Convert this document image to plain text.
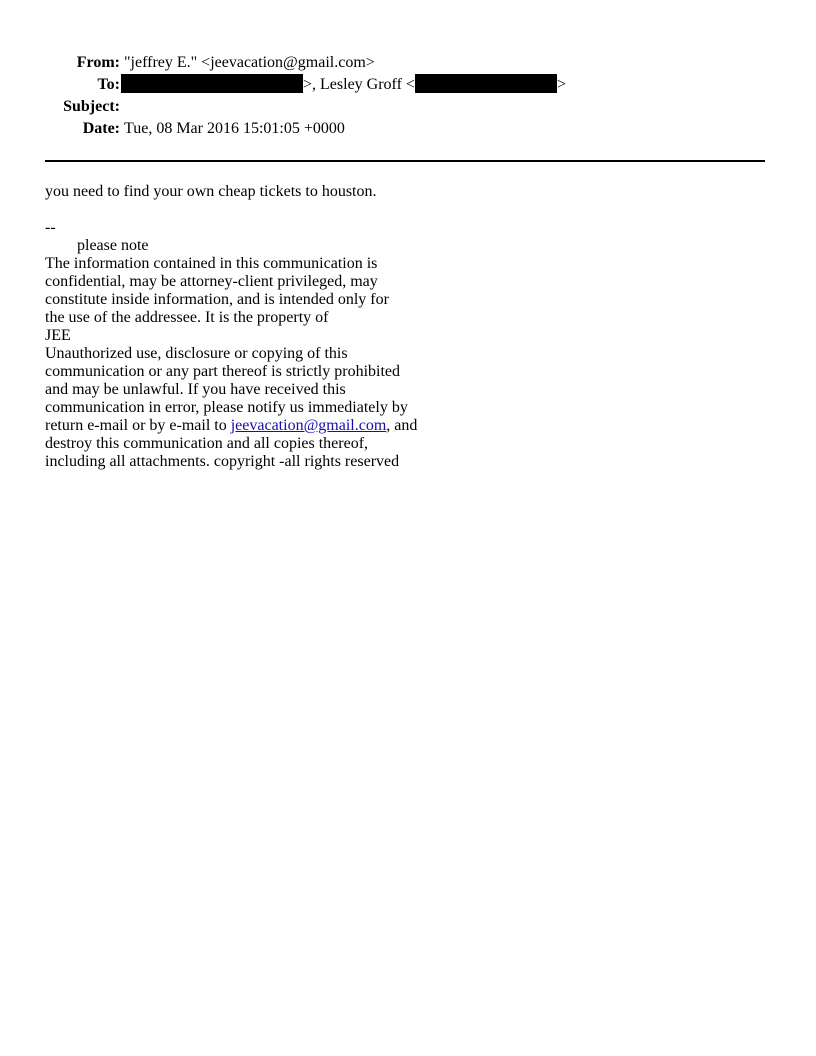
From: "jeffrey E." <jeevacation@gmail.com>
To:	>, Lesley Groff <	>
Subject:
Date: Tue, 08 Mar 2016 15:01:05 +0000
you need to find your own cheap tickets to houston.
--
please note
The information contained in this communication is
confidential, may be attorney-client privileged, may
constitute inside information, and is intended only for
the use of the addressee. It is the property of
JEE
Unauthorized use, disclosure or copying of this
communication or any part thereof is strictly prohibited
and may be unlawful. If you have received this
communication in error, please notify us immediately by
return e-mail or by e-mail to jeevacation@gmail.com, and
destroy this communication and all copies thereof,
including all attachments. copyright -all rights reserved
